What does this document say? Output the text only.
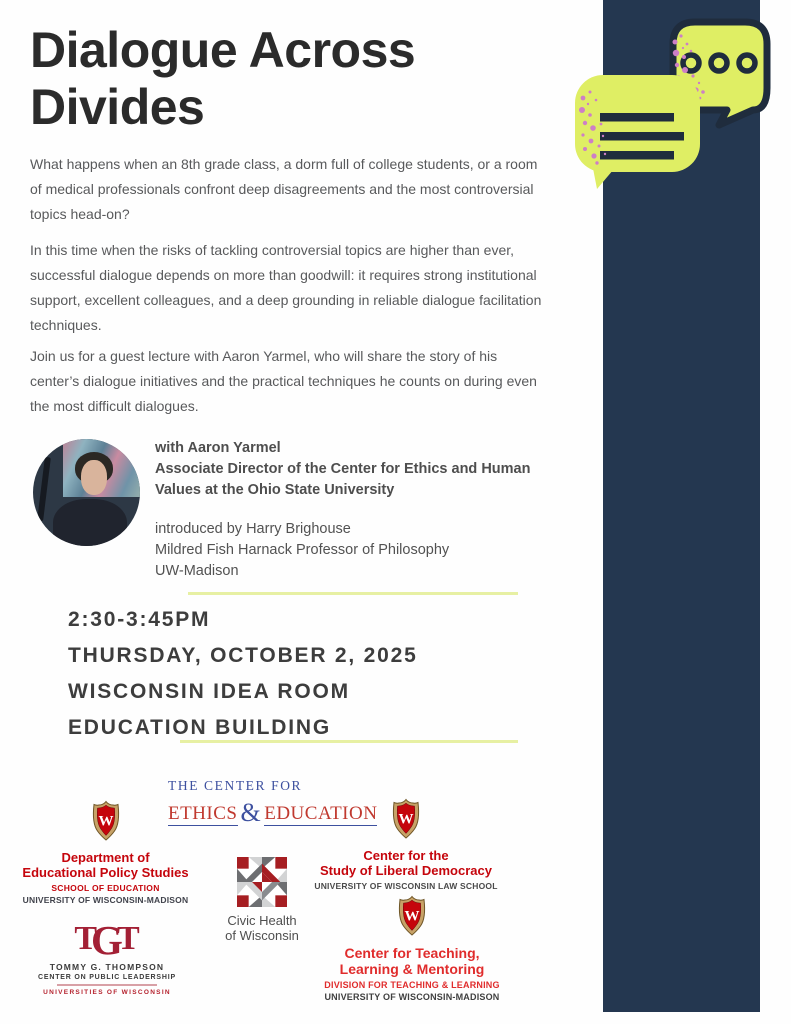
Dialogue Across
Divides
What happens when an 8th grade class, a dorm full of college students, or a room
of medical professionals confront deep disagreements and the most controversial
topics head-on?
In this time when the risks of tackling controversial topics are higher than ever,
successful dialogue depends on more than goodwill: it requires strong institutional
support, excellent colleagues, and a deep grounding in reliable dialogue facilitation
techniques.
Join us for a guest lecture with Aaron Yarmel, who will share the story of his
center’s dialogue initiatives and the practical techniques he counts on during even
the most difficult dialogues.
with Aaron Yarmel
Associate Director of the Center for Ethics and Human
Values at the Ohio State University
introduced by Harry Brighouse
Mildred Fish Harnack Professor of Philosophy
UW-Madison
2:30-3:45PM
THURSDAY, OCTOBER 2, 2025
WISCONSIN IDEA ROOM
EDUCATION BUILDING
THE CENTER FOR
ETHICS & EDUCATION
W
Department of
Educational Policy Studies
SCHOOL OF EDUCATION
UNIVERSITY OF WISCONSIN-MADISON
W
Center for the
Study of Liberal Democracy
UNIVERSITY OF WISCONSIN LAW SCHOOL
Civic Health
of Wisconsin
TGT
TOMMY G. THOMPSON
CENTER ON PUBLIC LEADERSHIP
UNIVERSITIES OF WISCONSIN
W
Center for Teaching,
Learning & Mentoring
DIVISION FOR TEACHING & LEARNING
UNIVERSITY OF WISCONSIN-MADISON
